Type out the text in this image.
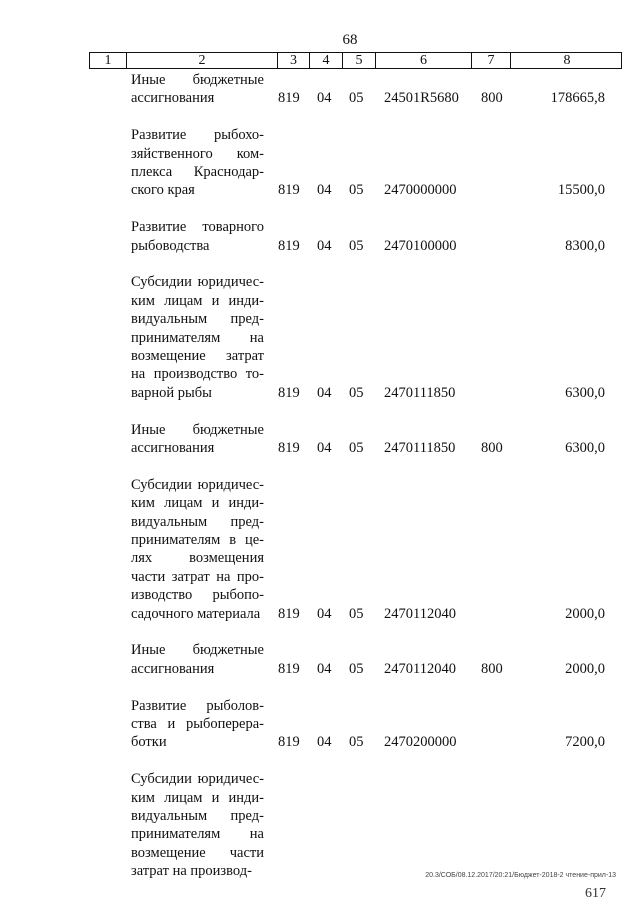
68
1	2	3	4	5	6	7	8
Иные бюджетные
ассигнования	819 04 05 24501R5680 800	178665,8
Развитие рыбохо-
зяйственного ком-
плекса Краснодар-
ского края	819 04 05 2470000000	15500,0
Развитие товарного
рыбоводства	819 04 05 2470100000	8300,0
Субсидии юридичес-
ким лицам и инди-
видуальным пред-
принимателям на
возмещение затрат
на производство то-
варной рыбы	819 04 05 2470111850	6300,0
Иные бюджетные
ассигнования	819 04 05 2470111850 800	6300,0
Субсидии юридичес-
ким лицам и инди-
видуальным пред-
принимателям в це-
лях возмещения
части затрат на про-
изводство рыбопо-
садочного материала 819 04 05 2470112040	2000,0
Иные бюджетные
ассигнования	819 04 05 2470112040 800	2000,0
Развитие рыболов-
ства и рыбоперера-
ботки	819 04 05 2470200000	7200,0
Субсидии юридичес-
ким лицам и инди-
видуальным пред-
принимателям на
возмещение части
затрат на производ-	20.3/СОБ/08.12.2017/20:21/Бюджет-2018-2 чтение-прил-13
617
